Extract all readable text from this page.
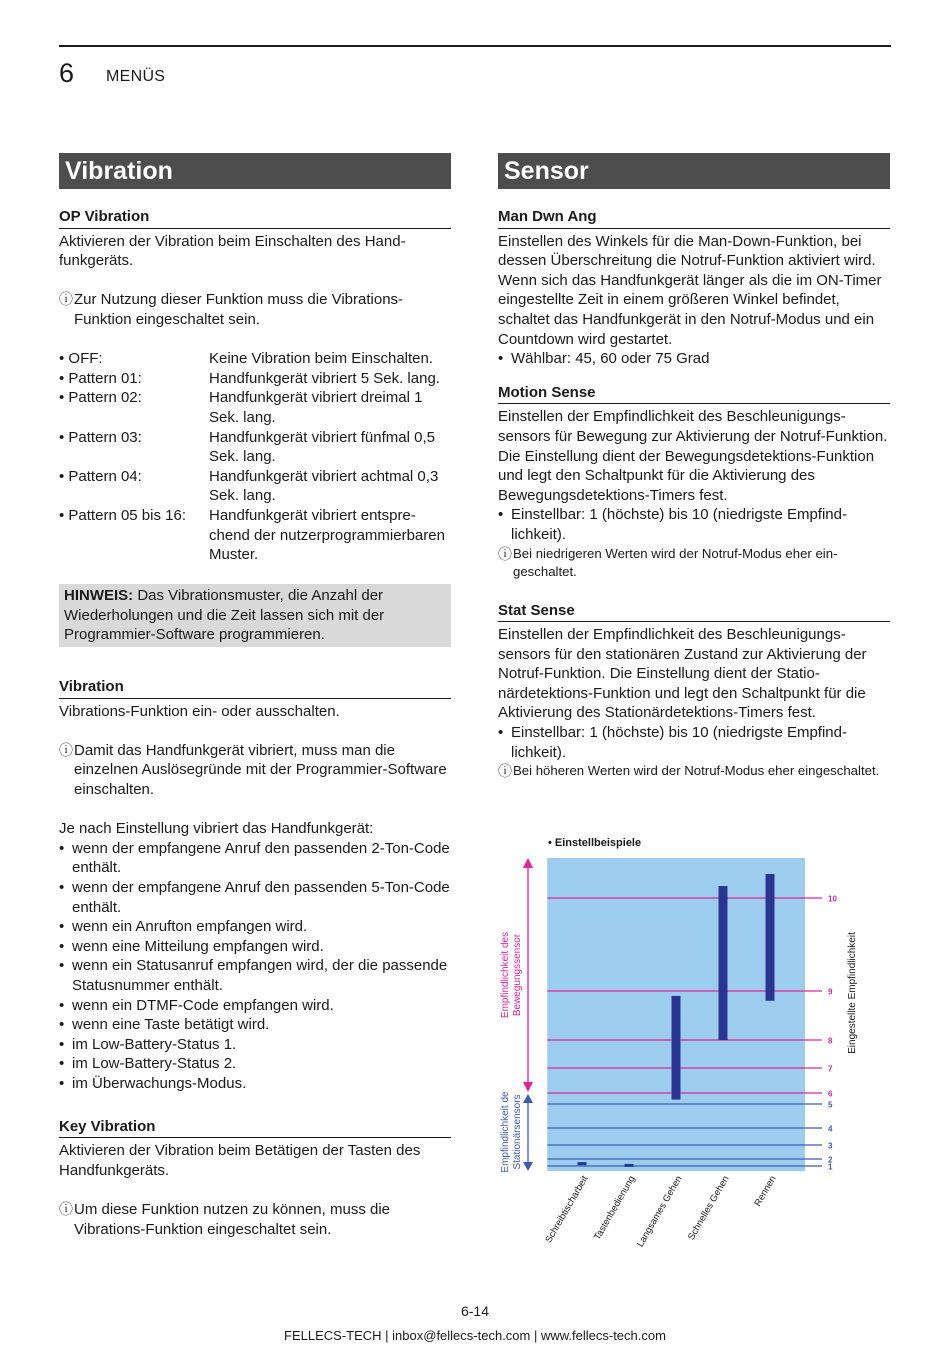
6 MENÜS
Vibration
OP Vibration

Aktivieren der Vibration beim Einschalten des Handfunkgeräts.

ⓘ Zur Nutzung dieser Funktion muss die Vibrations-Funktion eingeschaltet sein.
• OFF:	Keine Vibration beim Einschalten.
• Pattern 01:	Handfunkgerät vibriert 5 Sek. lang.
• Pattern 02:	Handfunkgerät vibriert dreimal 1 Sek. lang.
• Pattern 03:	Handfunkgerät vibriert fünfmal 0,5 Sek. lang.
• Pattern 04:	Handfunkgerät vibriert achtmal 0,3 Sek. lang.
• Pattern 05 bis 16:	Handfunkgerät vibriert entsprechend der nutzerprogrammierbaren Muster.
HINWEIS: Das Vibrationsmuster, die Anzahl der Wiederholungen und die Zeit lassen sich mit der Programmier-Software programmieren.
Vibration

Vibrations-Funktion ein- oder ausschalten.

ⓘ Damit das Handfunkgerät vibriert, muss man die einzelnen Auslösegründe mit der Programmier-Software einschalten.

Je nach Einstellung vibriert das Handfunkgerät:

• wenn der empfangene Anruf den passenden 2-Ton-Code enthält.
• wenn der empfangene Anruf den passenden 5-Ton-Code enthält.
• wenn ein Anrufton empfangen wird.
• wenn eine Mitteilung empfangen wird.
• wenn ein Statusanruf empfangen wird, der die passende Statusnummer enthält.
• wenn ein DTMF-Code empfangen wird.
• wenn eine Taste betätigt wird.
• im Low-Battery-Status 1.
• im Low-Battery-Status 2.
• im Überwachungs-Modus.
Key Vibration

Aktivieren der Vibration beim Betätigen der Tasten des Handfunkgeräts.

ⓘ Um diese Funktion nutzen zu können, muss die Vibrations-Funktion eingeschaltet sein.
Sensor
Man Dwn Ang

Einstellen des Winkels für die Man-Down-Funktion, bei dessen Überschreitung die Notruf-Funktion aktiviert wird. Wenn sich das Handfunkgerät länger als die im ON-Timer eingestellte Zeit in einem größeren Winkel befindet, schaltet das Handfunkgerät in den Notruf-Modus und ein Countdown wird gestartet.

• Wählbar: 45, 60 oder 75 Grad
Motion Sense

Einstellen der Empfindlichkeit des Beschleunigungssensors für Bewegung zur Aktivierung der Notruf-Funktion. Die Einstellung dient der Bewegungsdetektions-Funktion und legt den Schaltpunkt für die Aktivierung des Bewegungsdetektions-Timers fest.

• Einstellbar: 1 (höchste) bis 10 (niedrigste Empfindlichkeit).
ⓘ Bei niedrigeren Werten wird der Notruf-Modus eher eingeschaltet.
Stat Sense

Einstellen der Empfindlichkeit des Beschleunigungssensors für den stationären Zustand zur Aktivierung der Notruf-Funktion. Die Einstellung dient der Stationärdetektions-Funktion und legt den Schaltpunkt für die Aktivierung des Stationärdetektions-Timers fest.

• Einstellbar: 1 (höchste) bis 10 (niedrigste Empfindlichkeit).
ⓘ Bei höheren Werten wird der Notruf-Modus eher eingeschaltet.
• Einstellbeispiele
1
2
3
4
5
6
7
8
9
10
Empfindlichkeit des Bewegungssensor
Empfindlichkeit de Stationärsensors
Eingestellte Empfindlichkeit
Schreibtischarbeit Tastenbedienung
Langsames Gehen Schnelles Gehen Rennen
6-14
FELLECS-TECH | inbox@fellecs-tech.com | www.fellecs-tech.com
